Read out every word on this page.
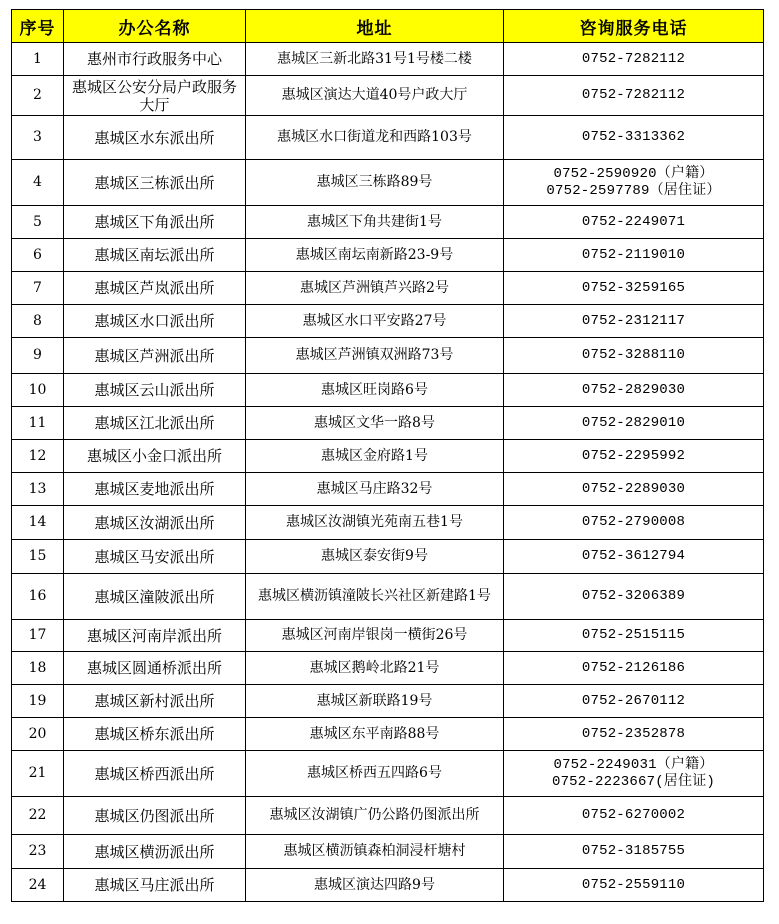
序号	办公名称	地址	咨询服务电话
1	惠州市行政服务中心	惠城区三新北路31号1号楼二楼	0752-7282112

2	惠城区公安分局户政服务大厅	惠城区演达大道40号户政大厅	0752-7282112

3	惠城区水东派出所	惠城区水口街道龙和西路103号	0752-3313362

4	惠城区三栋派出所	惠城区三栋路89号	0752-2590920（户籍）
0752-2597789（居住证）

5	惠城区下角派出所	惠城区下角共建街1号	0752-2249071

6	惠城区南坛派出所	惠城区南坛南新路23-9号	0752-2119010

7	惠城区芦岚派出所	惠城区芦洲镇芦兴路2号	0752-3259165

8	惠城区水口派出所	惠城区水口平安路27号	0752-2312117

9	惠城区芦洲派出所	惠城区芦洲镇双洲路73号	0752-3288110

10	惠城区云山派出所	惠城区旺岗路6号	0752-2829030

11	惠城区江北派出所	惠城区文华一路8号	0752-2829010

12	惠城区小金口派出所	惠城区金府路1号	0752-2295992

13	惠城区麦地派出所	惠城区马庄路32号	0752-2289030

14	惠城区汝湖派出所	惠城区汝湖镇光苑南五巷1号	0752-2790008

15	惠城区马安派出所	惠城区泰安街9号	0752-3612794

16	惠城区潼陂派出所	惠城区横沥镇潼陂长兴社区新建路1号	0752-3206389

17	惠城区河南岸派出所	惠城区河南岸银岗一横街26号	0752-2515115

18	惠城区圆通桥派出所	惠城区鹅岭北路21号	0752-2126186

19	惠城区新村派出所	惠城区新联路19号	0752-2670112

20	惠城区桥东派出所	惠城区东平南路88号	0752-2352878

21	惠城区桥西派出所	惠城区桥西五四路6号	0752-2249031（户籍）
0752-2223667(居住证)

22	惠城区仍图派出所	惠城区汝湖镇广仍公路仍图派出所	0752-6270002

23	惠城区横沥派出所	惠城区横沥镇森柏洞浸杆塘村	0752-3185755

24	惠城区马庄派出所	惠城区演达四路9号	0752-2559110
